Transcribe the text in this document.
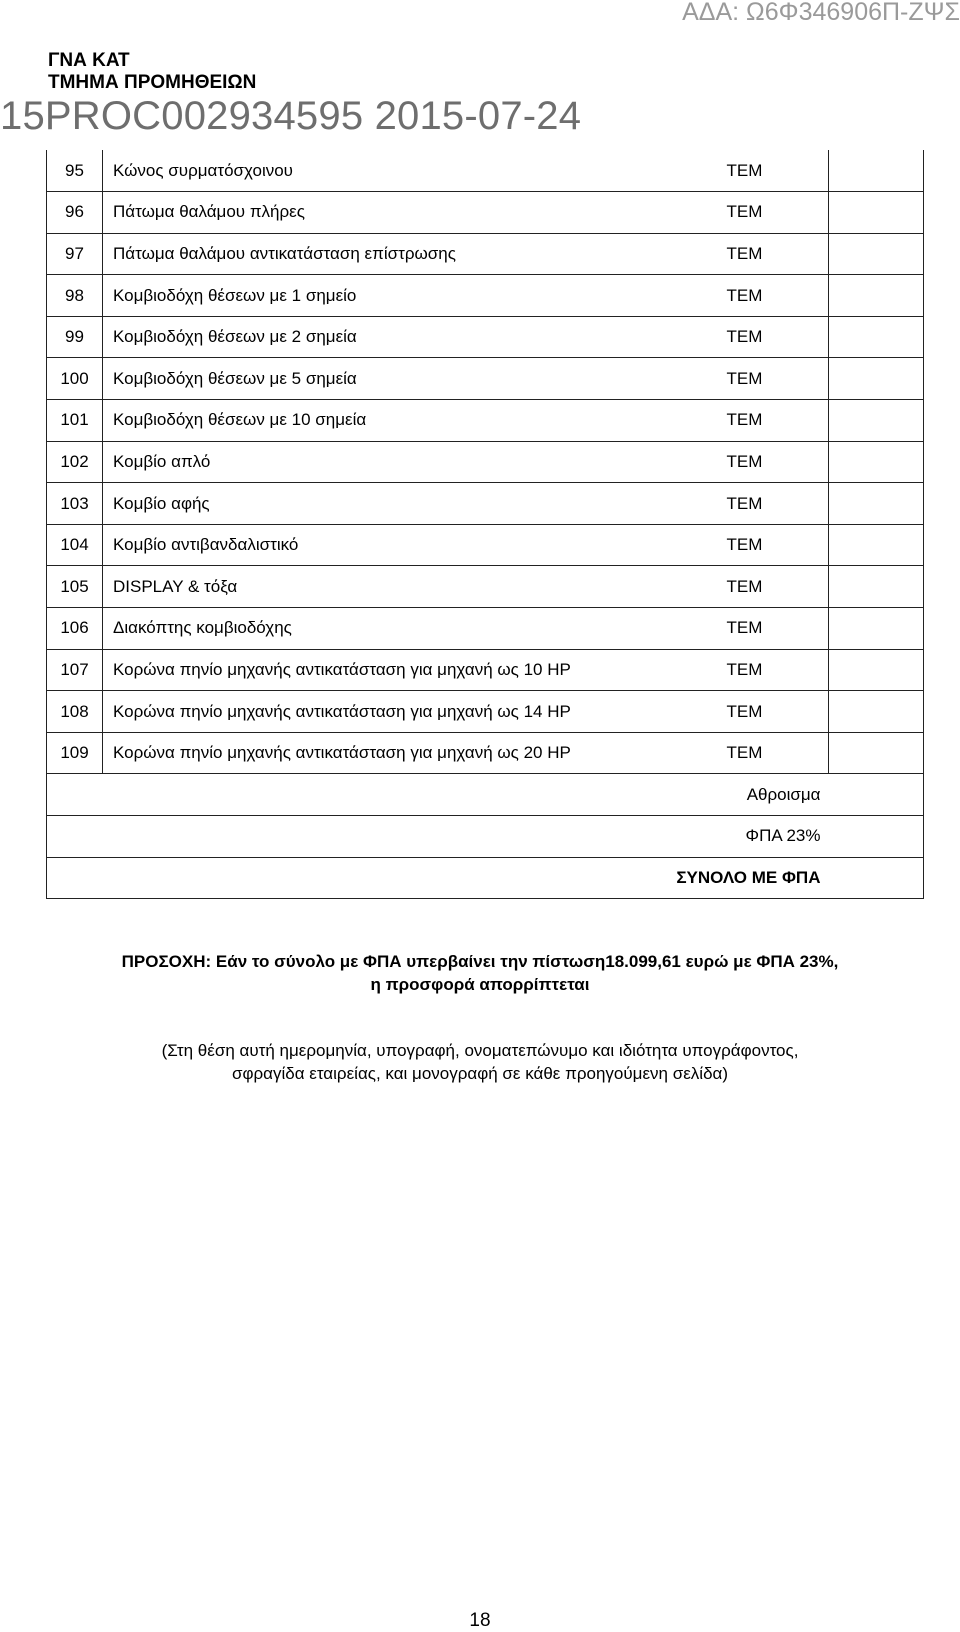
ΑΔΑ: Ω6Φ346906Π-ΖΨΣ
ΓΝΑ ΚΑΤ
ΤΜΗΜΑ ΠΡΟΜΗΘΕΙΩΝ
15PROC002934595 2015-07-24
95	Κώνος συρματόσχοινου	ΤΕΜ	
96	Πάτωμα θαλάμου πλήρες	ΤΕΜ	
97	Πάτωμα θαλάμου αντικατάσταση επίστρωσης	ΤΕΜ	
98	Κομβιοδόχη θέσεων με 1 σημείο	ΤΕΜ	
99	Κομβιοδόχη θέσεων με 2 σημεία	ΤΕΜ	
100	Κομβιοδόχη θέσεων με 5 σημεία	ΤΕΜ	
101	Κομβιοδόχη θέσεων με 10 σημεία	ΤΕΜ	
102	Κομβίο απλό	ΤΕΜ	
103	Κομβίο αφής	ΤΕΜ	
104	Κομβίο αντιβανδαλιστικό	ΤΕΜ	
105	DISPLAY & τόξα	ΤΕΜ	
106	Διακόπτης κομβιοδόχης	ΤΕΜ	
107	Κορώνα πηνίο μηχανής αντικατάσταση για μηχανή ως 10 HP	ΤΕΜ	
108	Κορώνα πηνίο μηχανής αντικατάσταση για μηχανή ως 14 HP	ΤΕΜ	
109	Κορώνα πηνίο μηχανής αντικατάσταση για μηχανή ως 20 HP	ΤΕΜ	
Αθροισμα			
ΦΠΑ 23%			
ΣΥΝΟΛΟ ΜΕ ΦΠΑ			
ΠΡΟΣΟΧΗ: Εάν το σύνολο με ΦΠΑ υπερβαίνει την πίστωση18.099,61 ευρώ με ΦΠΑ 23%,
η προσφορά απορρίπτεται
(Στη θέση αυτή ημερομηνία, υπογραφή, ονοματεπώνυμο και ιδιότητα υπογράφοντος,
σφραγίδα εταιρείας, και μονογραφή σε κάθε προηγούμενη σελίδα)
18
